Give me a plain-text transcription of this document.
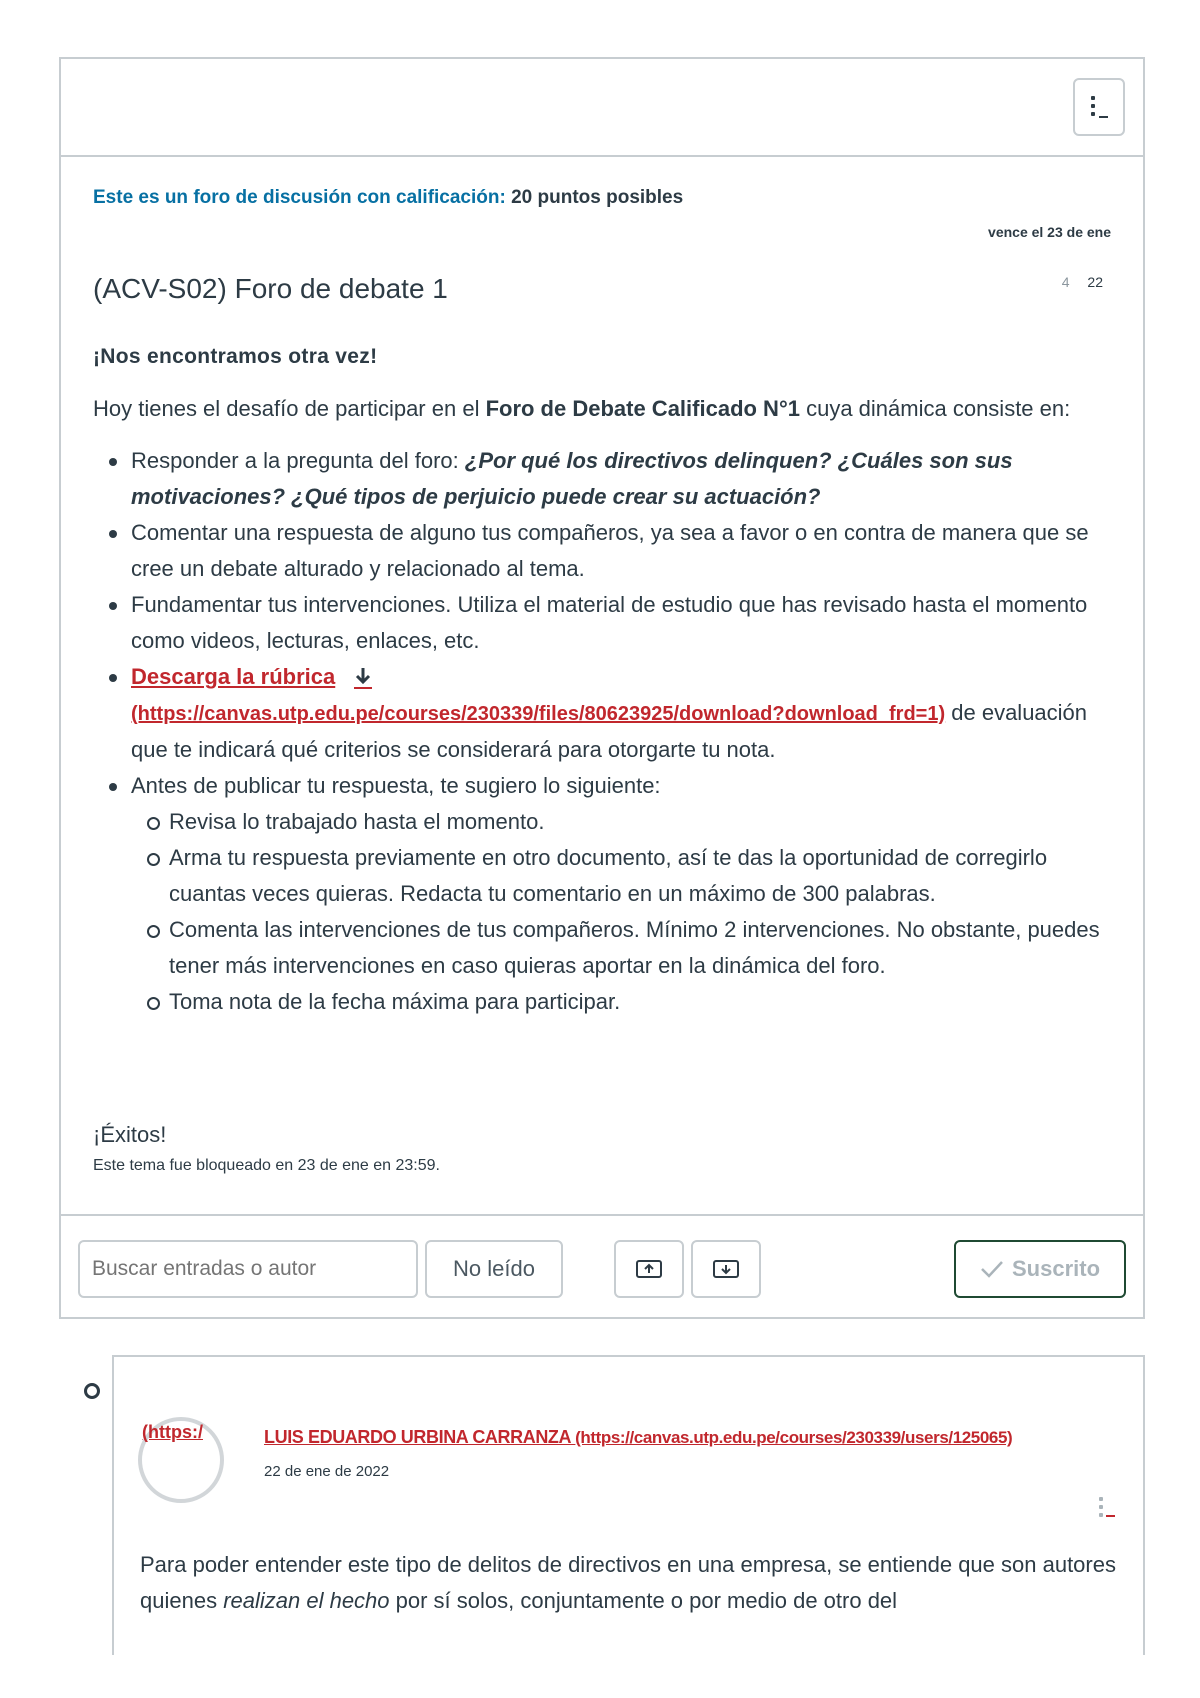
Este es un foro de discusión con calificación: 20 puntos posibles
vence el 23 de ene
(ACV-S02) Foro de debate 1	4 22
¡Nos encontramos otra vez!

Hoy tienes el desafío de participar en el Foro de Debate Calificado N°1 cuya dinámica consiste en:

Responder a la pregunta del foro: ¿Por qué los directivos delinquen? ¿Cuáles son sus motivaciones? ¿Qué tipos de perjuicio puede crear su actuación?
Comentar una respuesta de alguno tus compañeros, ya sea a favor o en contra de manera que se cree un debate alturado y relacionado al tema.
Fundamentar tus intervenciones. Utiliza el material de estudio que has revisado hasta el momento como videos, lecturas, enlaces, etc.
Descarga la rúbrica
(https://canvas.utp.edu.pe/courses/230339/files/80623925/download?download_frd=1) de evaluación que te indicará qué criterios se considerará para otorgarte tu nota.
Antes de publicar tu respuesta, te sugiero lo siguiente:
Revisa lo trabajado hasta el momento.
Arma tu respuesta previamente en otro documento, así te das la oportunidad de corregirlo cuantas veces quieras. Redacta tu comentario en un máximo de 300 palabras.
Comenta las intervenciones de tus compañeros. Mínimo 2 intervenciones. No obstante, puedes tener más intervenciones en caso quieras aportar en la dinámica del foro.
Toma nota de la fecha máxima para participar.
¡Éxitos!
Este tema fue bloqueado en 23 de ene en 23:59.
Buscar entradas o autor
No leído	Suscrito
LUIS EDUARDO URBINA CARRANZA (https://canvas.utp.edu.pe/courses/230339/users/125065)
22 de ene de 2022
Para poder entender este tipo de delitos de directivos en una empresa, se entiende que son autores quienes realizan el hecho por sí solos, conjuntamente o por medio de otro del
(https:/
